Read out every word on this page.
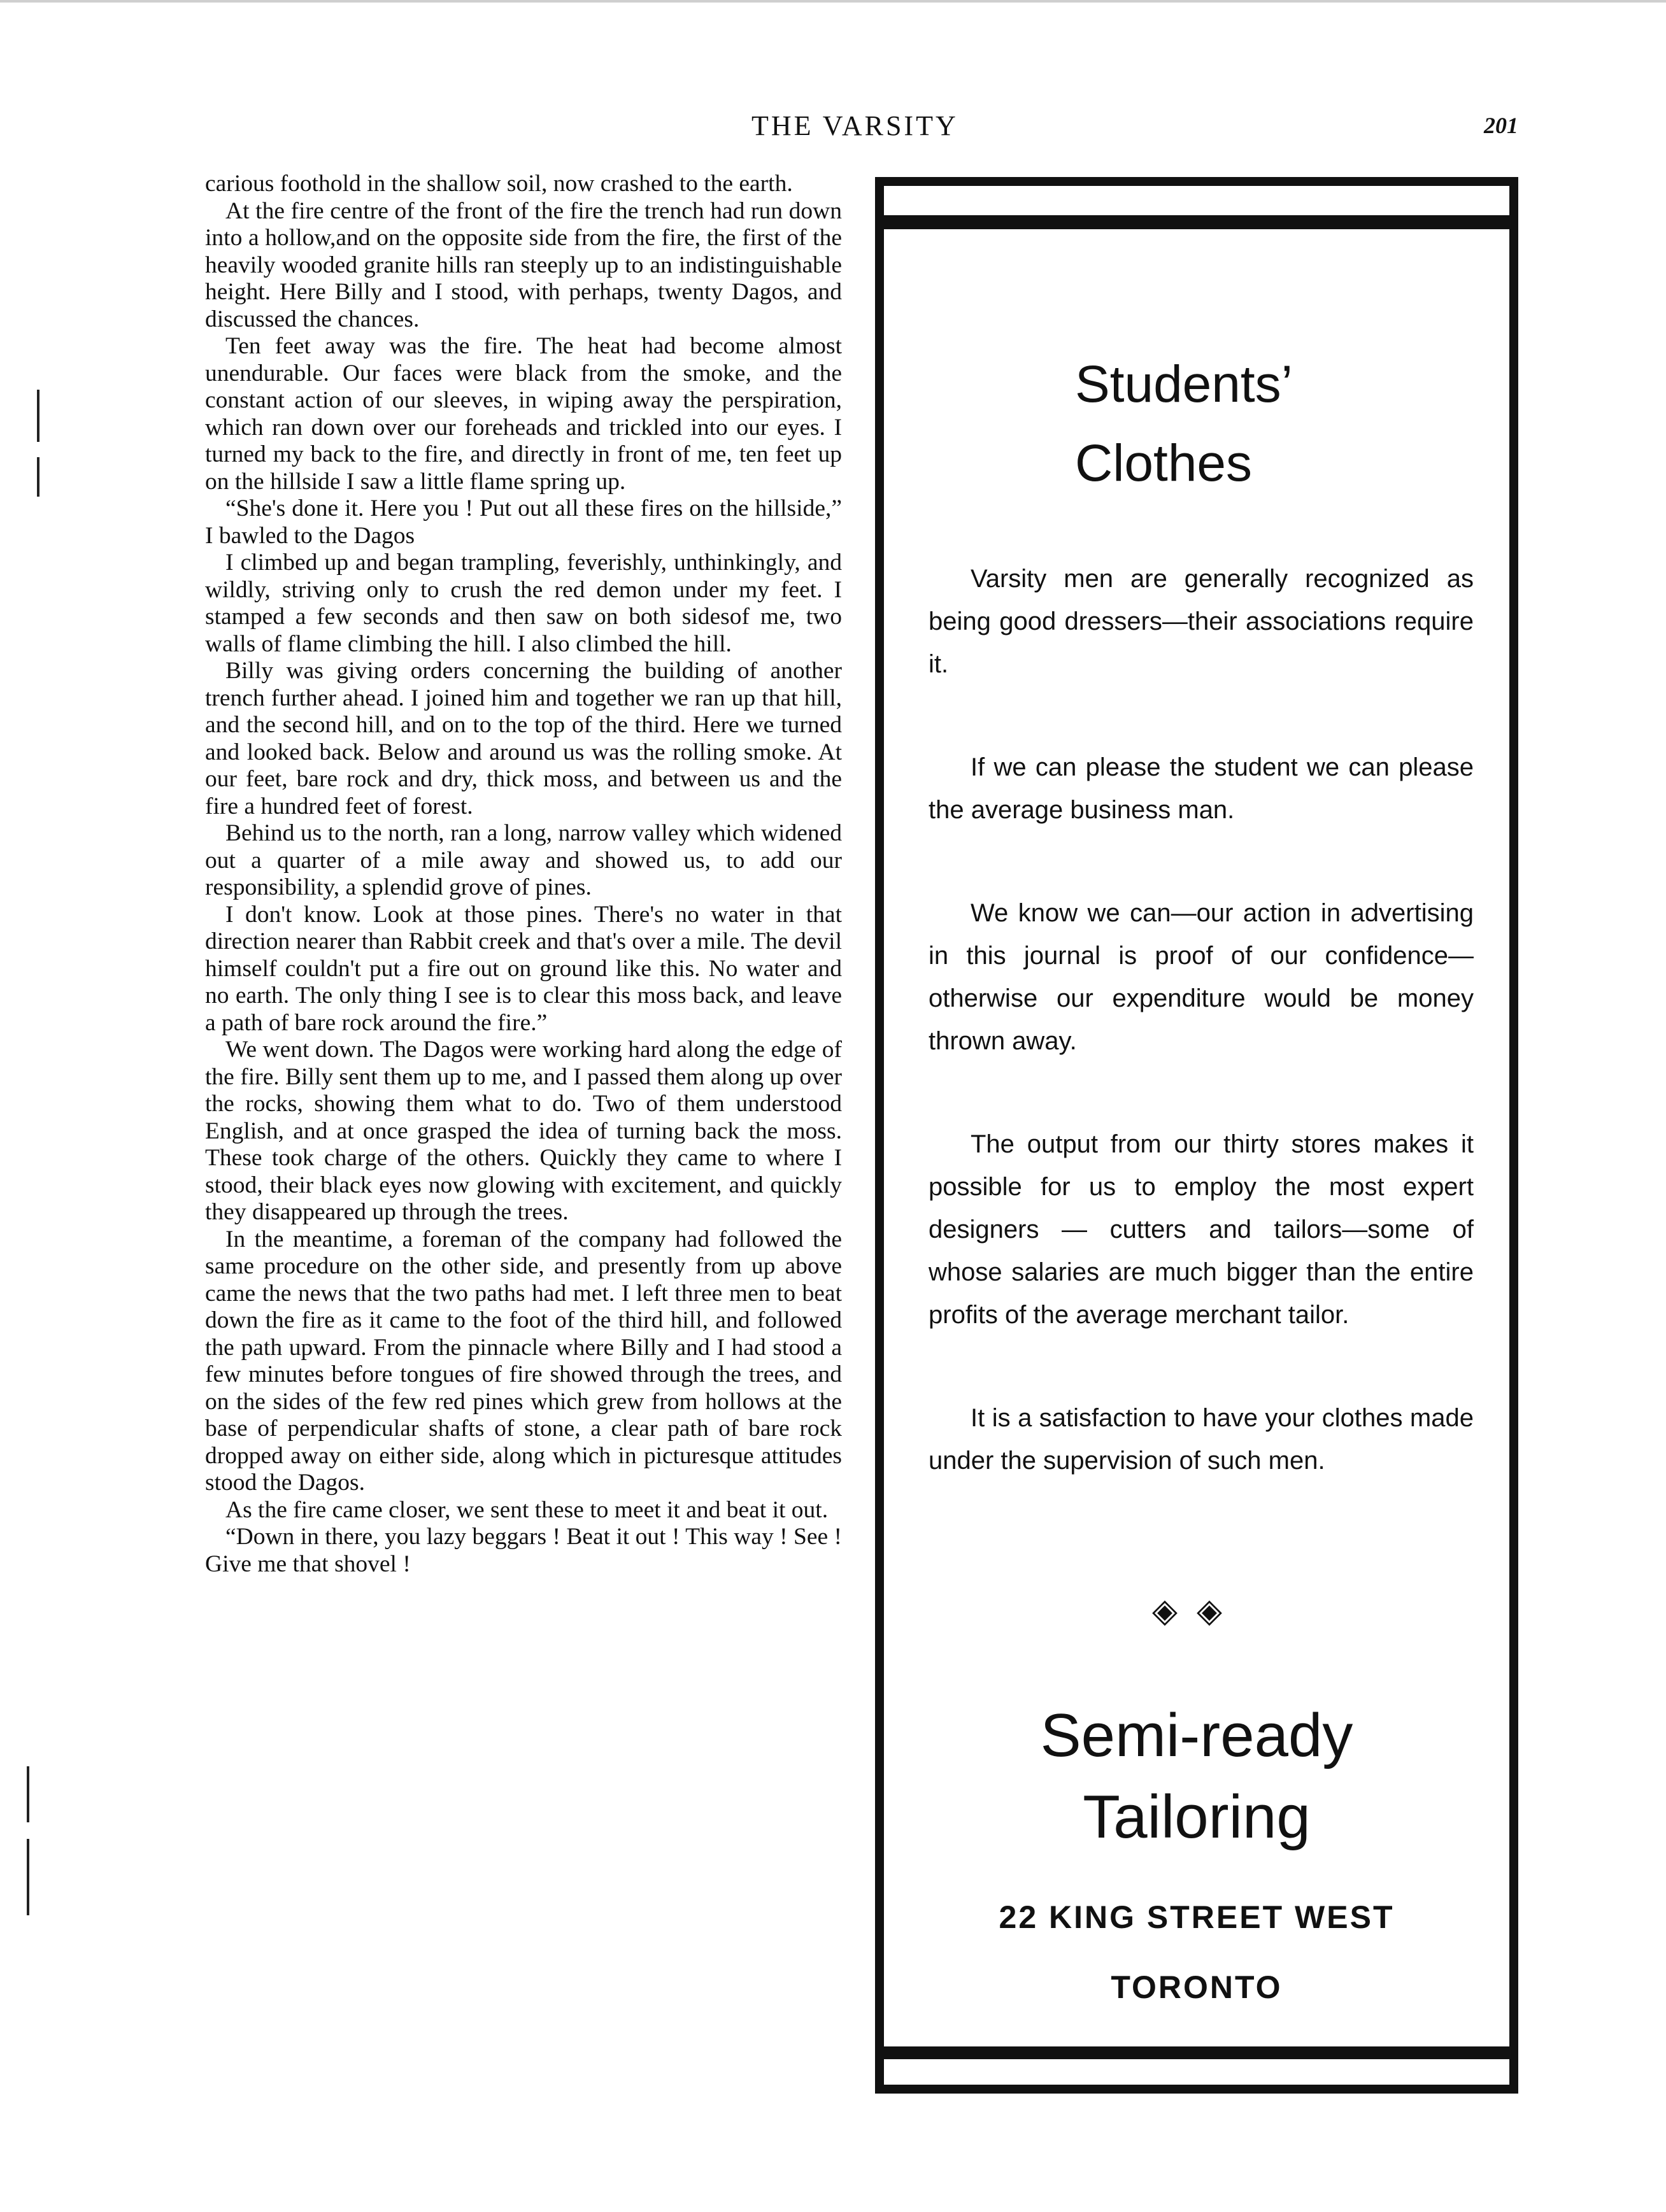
THE VARSITY	201

carious foothold in the shallow soil, now crashed to the earth.

At the fire centre of the front of the fire the trench had run down into a hollow,and on the opposite side from the fire, the first of the heavily wooded granite hills ran steeply up to an indistinguishable height. Here Billy and I stood, with perhaps, twenty Dagos, and discussed the chances.

Ten feet away was the fire. The heat had become almost unendurable. Our faces were black from the smoke, and the constant action of our sleeves, in wiping away the perspiration, which ran down over our foreheads and trickled into our eyes. I turned my back to the fire, and directly in front of me, ten feet up on the hillside I saw a little flame spring up.

“She's done it. Here you ! Put out all these fires on the hillside,” I bawled to the Dagos

I climbed up and began trampling, feverishly, unthinkingly, and wildly, striving only to crush the red demon under my feet. I stamped a few seconds and then saw on both sidesof me, two walls of flame climbing the hill. I also climbed the hill.

Billy was giving orders concerning the building of another trench further ahead. I joined him and together we ran up that hill, and the second hill, and on to the top of the third. Here we turned and looked back. Below and around us was the rolling smoke. At our feet, bare rock and dry, thick moss, and between us and the fire a hundred feet of forest.

Behind us to the north, ran a long, narrow valley which widened out a quarter of a mile away and showed us, to add our responsibility, a splendid grove of pines.

I don't know. Look at those pines. There's no water in that direction nearer than Rabbit creek and that's over a mile. The devil himself couldn't put a fire out on ground like this. No water and no earth. The only thing I see is to clear this moss back, and leave a path of bare rock around the fire.”

We went down. The Dagos were working hard along the edge of the fire. Billy sent them up to me, and I passed them along up over the rocks, showing them what to do. Two of them understood English, and at once grasped the idea of turning back the moss. These took charge of the others. Quickly they came to where I stood, their black eyes now glowing with excitement, and quickly they disappeared up through the trees.

In the meantime, a foreman of the company had followed the same procedure on the other side, and presently from up above came the news that the two paths had met. I left three men to beat down the fire as it came to the foot of the third hill, and followed the path upward. From the pinnacle where Billy and I had stood a few minutes before tongues of fire showed through the trees, and on the sides of the few red pines which grew from hollows at the base of perpendicular shafts of stone, a clear path of bare rock dropped away on either side, along which in picturesque attitudes stood the Dagos.

As the fire came closer, we sent these to meet it and beat it out.

“Down in there, you lazy beggars ! Beat it out ! This way ! See ! Give me that shovel !

Students’
Clothes

Varsity men are generally recognized as being good dressers—their associations require it.

If we can please the student we can please the average business man.

We know we can—our action in advertising in this journal is proof of our confidence—otherwise our expenditure would be money thrown away.

The output from our thirty stores makes it possible for us to employ the most expert designers — cutters and tailors—some of whose salaries are much bigger than the entire profits of the average merchant tailor.

It is a satisfaction to have your clothes made under the supervision of such men.

◈◈
Semi-ready
Tailoring
22 KING STREET WEST
TORONTO
